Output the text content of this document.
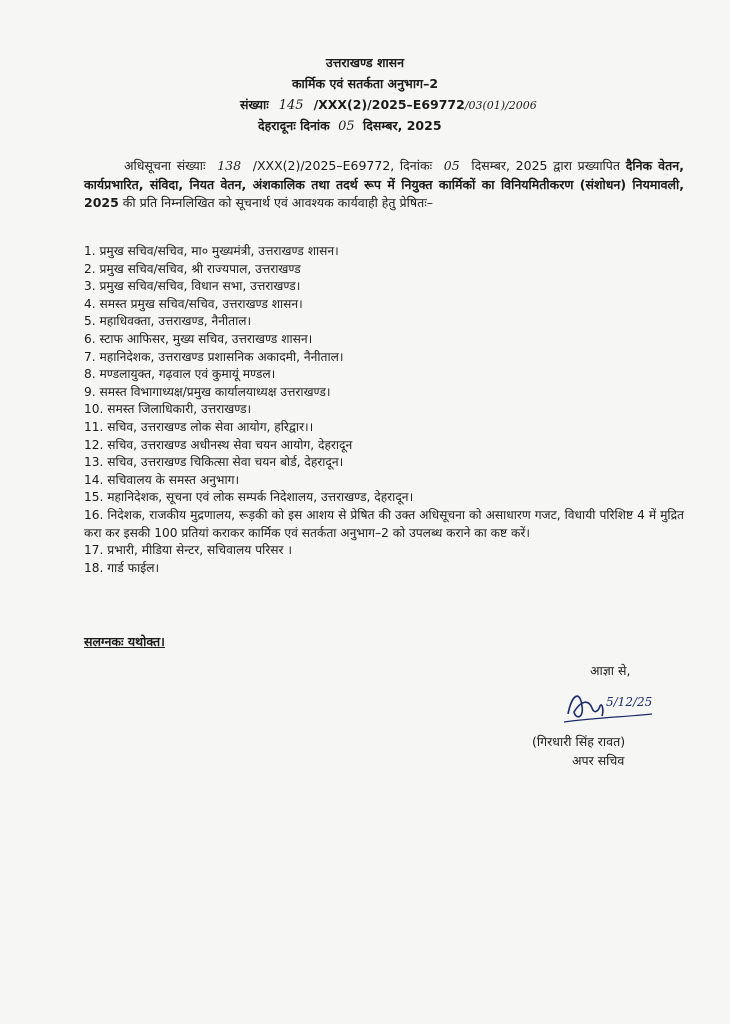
उत्तराखण्ड शासन
कार्मिक एवं सतर्कता अनुभाग–2
संख्याः 145 /XXX(2)/2025–E69772/03(01)/2006
देहरादूनः दिनांक 05 दिसम्बर, 2025
अधिसूचना संख्याः 138 /XXX(2)/2025–E69772, दिनांकः 05 दिसम्बर, 2025 द्वारा प्रख्यापित दैनिक वेतन, कार्यप्रभारित, संविदा, नियत वेतन, अंशकालिक तथा तदर्थ रूप में नियुक्त कार्मिकों का विनियमितीकरण (संशोधन) नियमावली, 2025 की प्रति निम्नलिखित को सूचनार्थ एवं आवश्यक कार्यवाही हेतु प्रेषितः–
1. प्रमुख सचिव/सचिव, मा० मुख्यमंत्री, उत्तराखण्ड शासन।
2. प्रमुख सचिव/सचिव, श्री राज्यपाल, उत्तराखण्ड
3. प्रमुख सचिव/सचिव, विधान सभा, उत्तराखण्ड।
4. समस्त प्रमुख सचिव/सचिव, उत्तराखण्ड शासन।
5. महाधिवक्ता, उत्तराखण्ड, नैनीताल।
6. स्टाफ आफिसर, मुख्य सचिव, उत्तराखण्ड शासन।
7. महानिदेशक, उत्तराखण्ड प्रशासनिक अकादमी, नैनीताल।
8. मण्डलायुक्त, गढ़वाल एवं कुमायूं मण्डल।
9. समस्त विभागाध्यक्ष/प्रमुख कार्यालयाध्यक्ष उत्तराखण्ड।
10. समस्त जिलाधिकारी, उत्तराखण्ड।
11. सचिव, उत्तराखण्ड लोक सेवा आयोग, हरिद्वार।।
12. सचिव, उत्तराखण्ड अधीनस्थ सेवा चयन आयोग, देहरादून
13. सचिव, उत्तराखण्ड चिकित्सा सेवा चयन बोर्ड, देहरादून।
14. सचिवालय के समस्त अनुभाग।
15. महानिदेशक, सूचना एवं लोक सम्पर्क निदेशालय, उत्तराखण्ड, देहरादून।
16. निदेशक, राजकीय मुद्रणालय, रूड़की को इस आशय से प्रेषित की उक्त अधिसूचना को असाधारण गजट, विधायी परिशिष्ट 4 में मुद्रित करा कर इसकी 100 प्रतियां कराकर कार्मिक एवं सतर्कता अनुभाग–2 को उपलब्ध कराने का कष्ट करें।
17. प्रभारी, मीडिया सेन्टर, सचिवालय परिसर ।
18. गार्ड फाईल।
सलग्नकः यथोक्त।
आज्ञा से,
5/12/25
(गिरधारी सिंह रावत)
अपर सचिव
